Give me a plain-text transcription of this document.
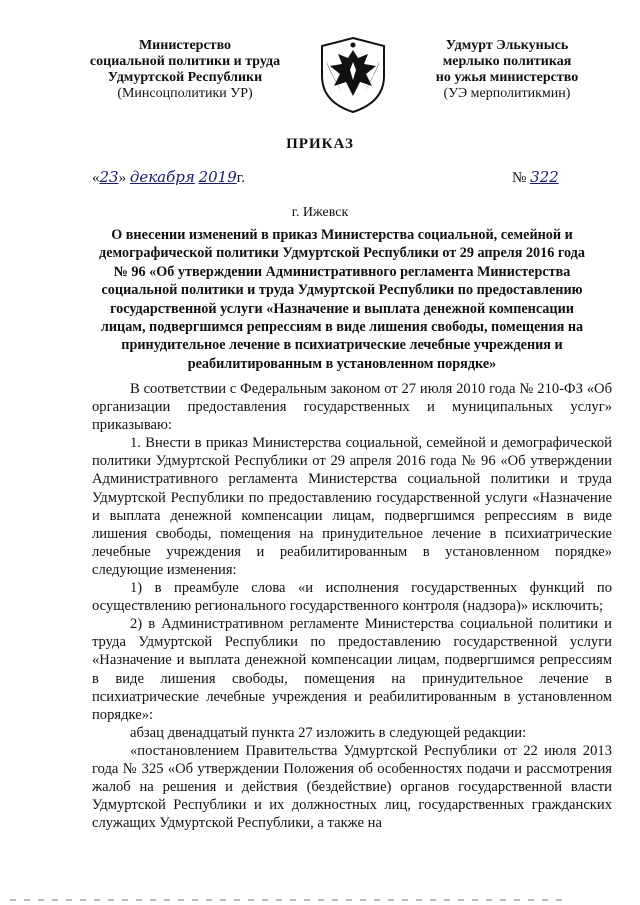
Министерство
социальной политики и труда
Удмуртской Республики
(Минсоцполитики УР)
Удмурт Элькунысь
мерлыко политикая
но ужья министерство
(УЭ мерполитикмин)
ПРИКАЗ
«23» декабря 2019г.	№ 322
г. Ижевск
О внесении изменений в приказ Министерства социальной, семейной и демографической политики Удмуртской Республики от 29 апреля 2016 года № 96 «Об утверждении Административного регламента Министерства социальной политики и труда Удмуртской Республики по предоставлению государственной услуги «Назначение и выплата денежной компенсации лицам, подвергшимся репрессиям в виде лишения свободы, помещения на принудительное лечение в психиатрические лечебные учреждения и реабилитированным в установленном порядке»

В соответствии с Федеральным законом от 27 июля 2010 года № 210-ФЗ «Об организации предоставления государственных и муниципальных услуг» приказываю:

1. Внести в приказ Министерства социальной, семейной и демографической политики Удмуртской Республики от 29 апреля 2016 года № 96 «Об утверждении Административного регламента Министерства социальной политики и труда Удмуртской Республики по предоставлению государственной услуги «Назначение и выплата денежной компенсации лицам, подвергшимся репрессиям в виде лишения свободы, помещения на принудительное лечение в психиатрические лечебные учреждения и реабилитированным в установленном порядке» следующие изменения:

1) в преамбуле слова «и исполнения государственных функций по осуществлению регионального государственного контроля (надзора)» исключить;

2) в Административном регламенте Министерства социальной политики и труда Удмуртской Республики по предоставлению государственной услуги «Назначение и выплата денежной компенсации лицам, подвергшимся репрессиям в виде лишения свободы, помещения на принудительное лечение в психиатрические лечебные учреждения и реабилитированным в установленном порядке»:

абзац двенадцатый пункта 27 изложить в следующей редакции:

«постановлением Правительства Удмуртской Республики от 22 июля 2013 года № 325 «Об утверждении Положения об особенностях подачи и рассмотрения жалоб на решения и действия (бездействие) органов государственной власти Удмуртской Республики и их должностных лиц, государственных гражданских служащих Удмуртской Республики, а также на
